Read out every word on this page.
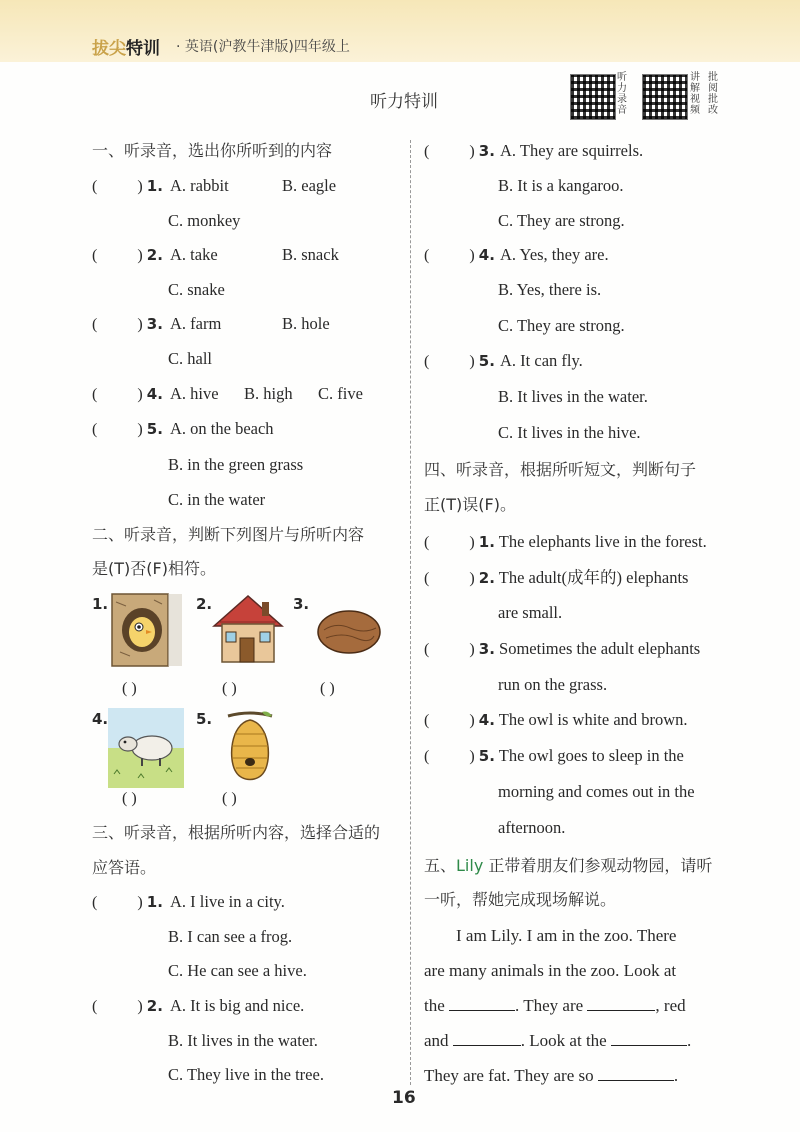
拔尖特训 · 英语(沪教牛津版)四年级上
听力特训
听力录音
讲解视频
批阅批改
一、听录音，选出你所听到的内容
(	) 1. A. rabbit	B. eagle
C. monkey
(	) 2. A. take	B. snack
C. snake
(	) 3. A. farm	B. hole
C. hall
(	) 4. A. hive B. high C. five
(	) 5. A. on the beach
B. in the green grass
C. in the water
二、听录音，判断下列图片与所听内容
是(T)否(F)相符。
1.
( )
2.
( )
3.
( )
4.
( )
5.
( )
三、听录音，根据所听内容，选择合适的
应答语。
(	) 1. A. I live in a city.
B. I can see a frog.
C. He can see a hive.
(	) 2. A. It is big and nice.
B. It lives in the water.
C. They live in the tree.
(	) 3. A. They are squirrels.
B. It is a kangaroo.
C. They are strong.
(	) 4. A. Yes, they are.
B. Yes, there is.
C. They are strong.
(	) 5. A. It can fly.
B. It lives in the water.
C. It lives in the hive.
四、听录音，根据所听短文，判断句子
正(T)误(F)。
(	) 1. The elephants live in the forest.
(	) 2. The adult(成年的) elephants
are small.
(	) 3. Sometimes the adult elephants
run on the grass.
(	) 4. The owl is white and brown.
(	) 5. The owl goes to sleep in the
morning and comes out in the
afternoon.
五、Lily 正带着朋友们参观动物园，请听
一听，帮她完成现场解说。
I am Lily. I am in the zoo. There
are many animals in the zoo. Look at
the	. They are	, red
and	. Look at the	.
They are fat. They are so	.
16
